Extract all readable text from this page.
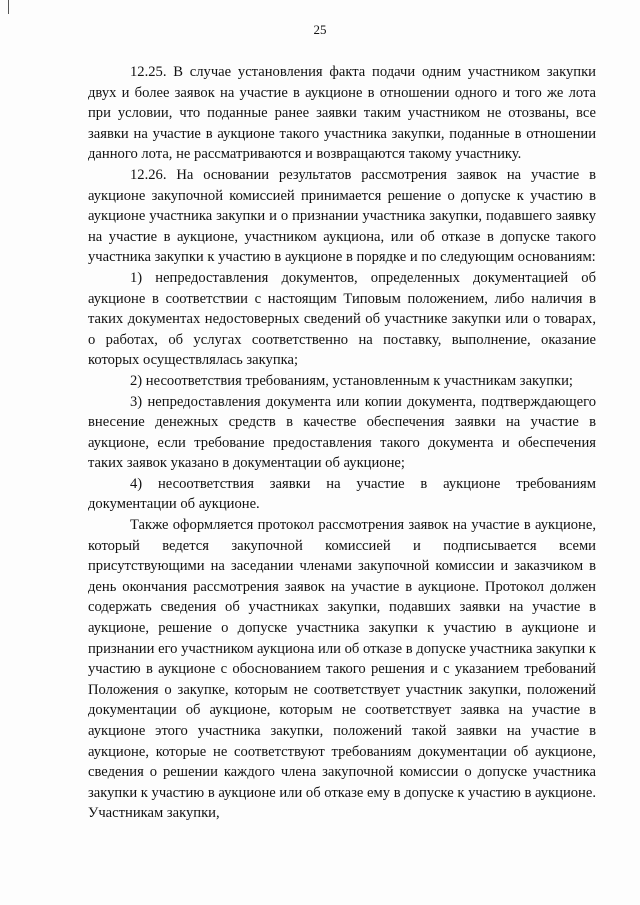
25

12.25. В случае установления факта подачи одним участником закупки двух и более заявок на участие в аукционе в отношении одного и того же лота при условии, что поданные ранее заявки таким участником не отозваны, все заявки на участие в аукционе такого участника закупки, поданные в отношении данного лота, не рассматриваются и возвращаются такому участнику.

12.26. На основании результатов рассмотрения заявок на участие в аукционе закупочной комиссией принимается решение о допуске к участию в аукционе участника закупки и о признании участника закупки, подавшего заявку на участие в аукционе, участником аукциона, или об отказе в допуске такого участника закупки к участию в аукционе в порядке и по следующим основаниям:

1) непредоставления документов, определенных документацией об аукционе в соответствии с настоящим Типовым положением, либо наличия в таких документах недостоверных сведений об участнике закупки или о товарах, о работах, об услугах соответственно на поставку, выполнение, оказание которых осуществлялась закупка;

2) несоответствия требованиям, установленным к участникам закупки;

3) непредоставления документа или копии документа, подтверждающего внесение денежных средств в качестве обеспечения заявки на участие в аукционе, если требование предоставления такого документа и обеспечения таких заявок указано в документации об аукционе;

4) несоответствия заявки на участие в аукционе требованиям документации об аукционе.

Также оформляется протокол рассмотрения заявок на участие в аукционе, который ведется закупочной комиссией и подписывается всеми присутствующими на заседании членами закупочной комиссии и заказчиком в день окончания рассмотрения заявок на участие в аукционе. Протокол должен содержать сведения об участниках закупки, подавших заявки на участие в аукционе, решение о допуске участника закупки к участию в аукционе и признании его участником аукциона или об отказе в допуске участника закупки к участию в аукционе с обоснованием такого решения и с указанием требований Положения о закупке, которым не соответствует участник закупки, положений документации об аукционе, которым не соответствует заявка на участие в аукционе этого участника закупки, положений такой заявки на участие в аукционе, которые не соответствуют требованиям документации об аукционе, сведения о решении каждого члена закупочной комиссии о допуске участника закупки к участию в аукционе или об отказе ему в допуске к участию в аукционе. Участникам закупки,
